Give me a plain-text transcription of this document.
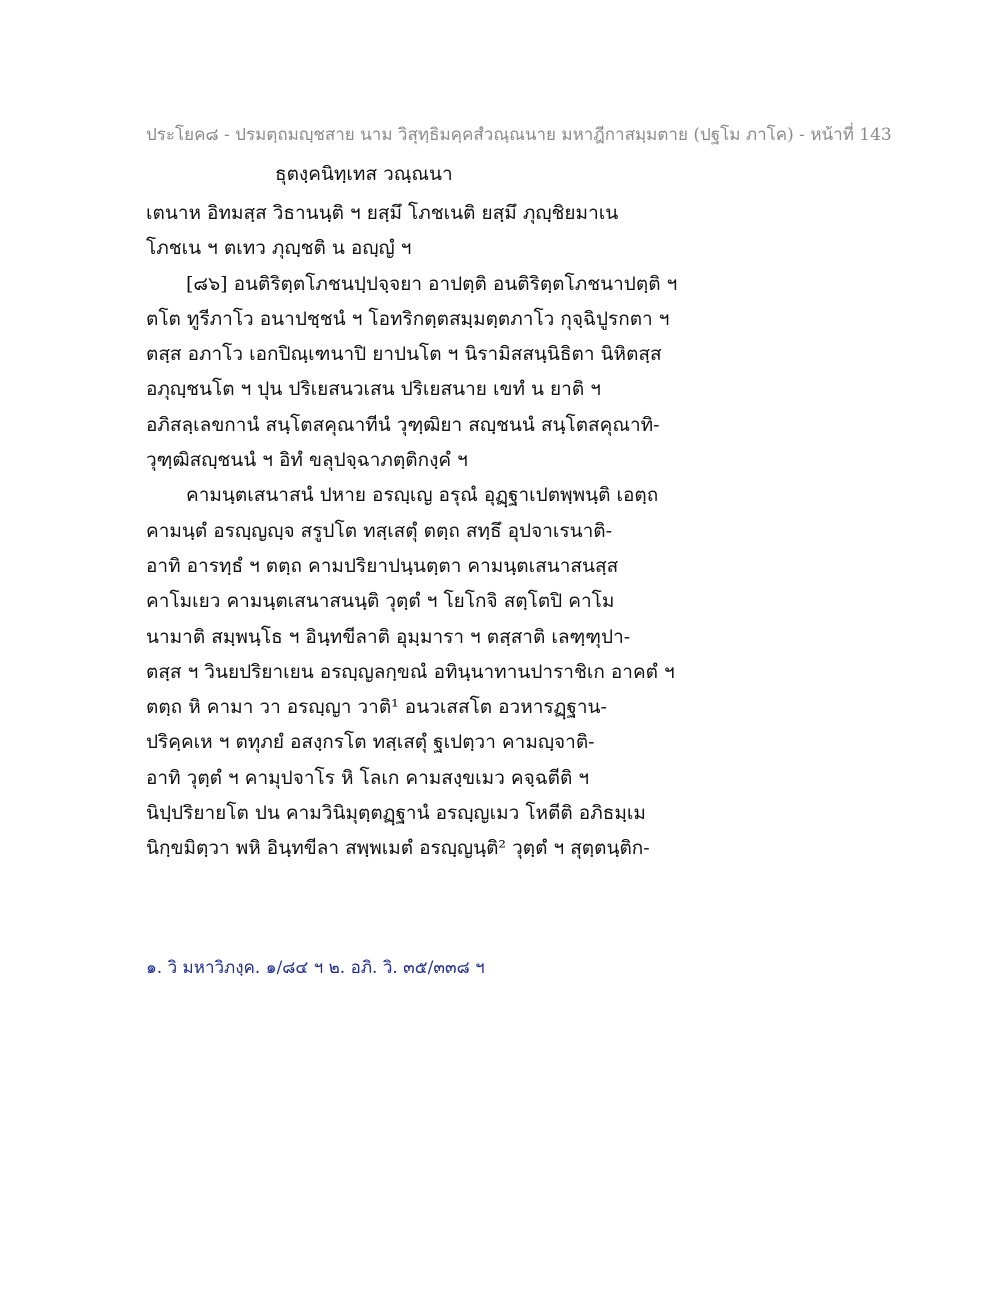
ประโยค๘ - ปรมตฺถมญฺชสาย นาม วิสุทฺธิมคฺคสํวณฺณนาย มหาฎีกาสมฺมตาย (ปฐโม ภาโค) - หน้าที่ 143
ธุตงฺคนิทฺเทส วณฺณนา
เตนาห อิทมสฺส วิธานนฺติ ฯ ยสฺมึ โภชเนติ ยสฺมึ ภุญฺชิยมาเน
โภชเน ฯ ตเทว ภุญฺชติ น อญฺญํ ฯ
[๘๖] อนติริตฺตโภชนปฺปจฺจยา อาปตฺติ อนติริตฺตโภชนาปตฺติ ฯ
ตโต ทูรีภาโว อนาปชฺชนํ ฯ โอทริกตฺตสมฺมตฺตภาโว กุจฺฉิปูรกตา ฯ
ตสฺส อภาโว เอกปิณฺเฑนาปิ ยาปนโต ฯ นิรามิสสนฺนิธิตา นิหิตสฺส
อภุญฺชนโต ฯ ปุน ปริเยสนวเสน ปริเยสนาย เขทํ น ยาติ ฯ
อภิสลฺเลขกานํ สนฺโตสคุณาทีนํ วุฑฺฒิยา สญฺชนนํ สนฺโตสคุณาทิ-
วุฑฺฒิสญฺชนนํ ฯ อิทํ ขลุปจฺฉาภตฺติกงฺคํ ฯ
คามนฺตเสนาสนํ ปหาย อรญฺเญ อรุณํ อุฏฺฐาเปตพฺพนฺติ เอตฺถ
คามนฺตํ อรญฺญญฺจ สรูปโต ทสฺเสตุํ ตตฺถ สทฺธึ อุปจาเรนาติ-
อาทิ อารทฺธํ ฯ ตตฺถ คามปริยาปนฺนตฺตา คามนฺตเสนาสนสฺส
คาโมเยว คามนฺตเสนาสนนฺติ วุตฺตํ ฯ โยโกจิ สตฺโตปิ คาโม
นามาติ สมฺพนฺโธ ฯ อินฺทขีลาติ อุมฺมารา ฯ ตสฺสาติ เลฑฺฑุปา-
ตสฺส ฯ วินยปริยาเยน อรญฺญลกฺขณํ อทินฺนาทานปาราชิเก อาคตํ ฯ
ตตฺถ หิ คามา วา อรญฺญา วาติ¹ อนวเสสโต อวหารฏฺฐาน-
ปริคฺคเห ฯ ตทุภยํ อสงฺกรโต ทสฺเสตุํ ฐเปตฺวา คามญฺจาติ-
อาทิ วุตฺตํ ฯ คามุปจาโร หิ โลเก คามสงฺขเมว คจฺฉตีติ ฯ
นิปฺปริยายโต ปน คามวินิมุตฺตฏฺฐานํ อรญฺญเมว โหตีติ อภิธมฺเม
นิกฺขมิตฺวา พหิ อินฺทขีลา สพฺพเมตํ อรญฺญนฺติ² วุตฺตํ ฯ สุตฺตนฺติก-
๑. วิ มหาวิภงฺค. ๑/๘๔ ฯ ๒. อภิ. วิ. ๓๕/๓๓๘ ฯ
